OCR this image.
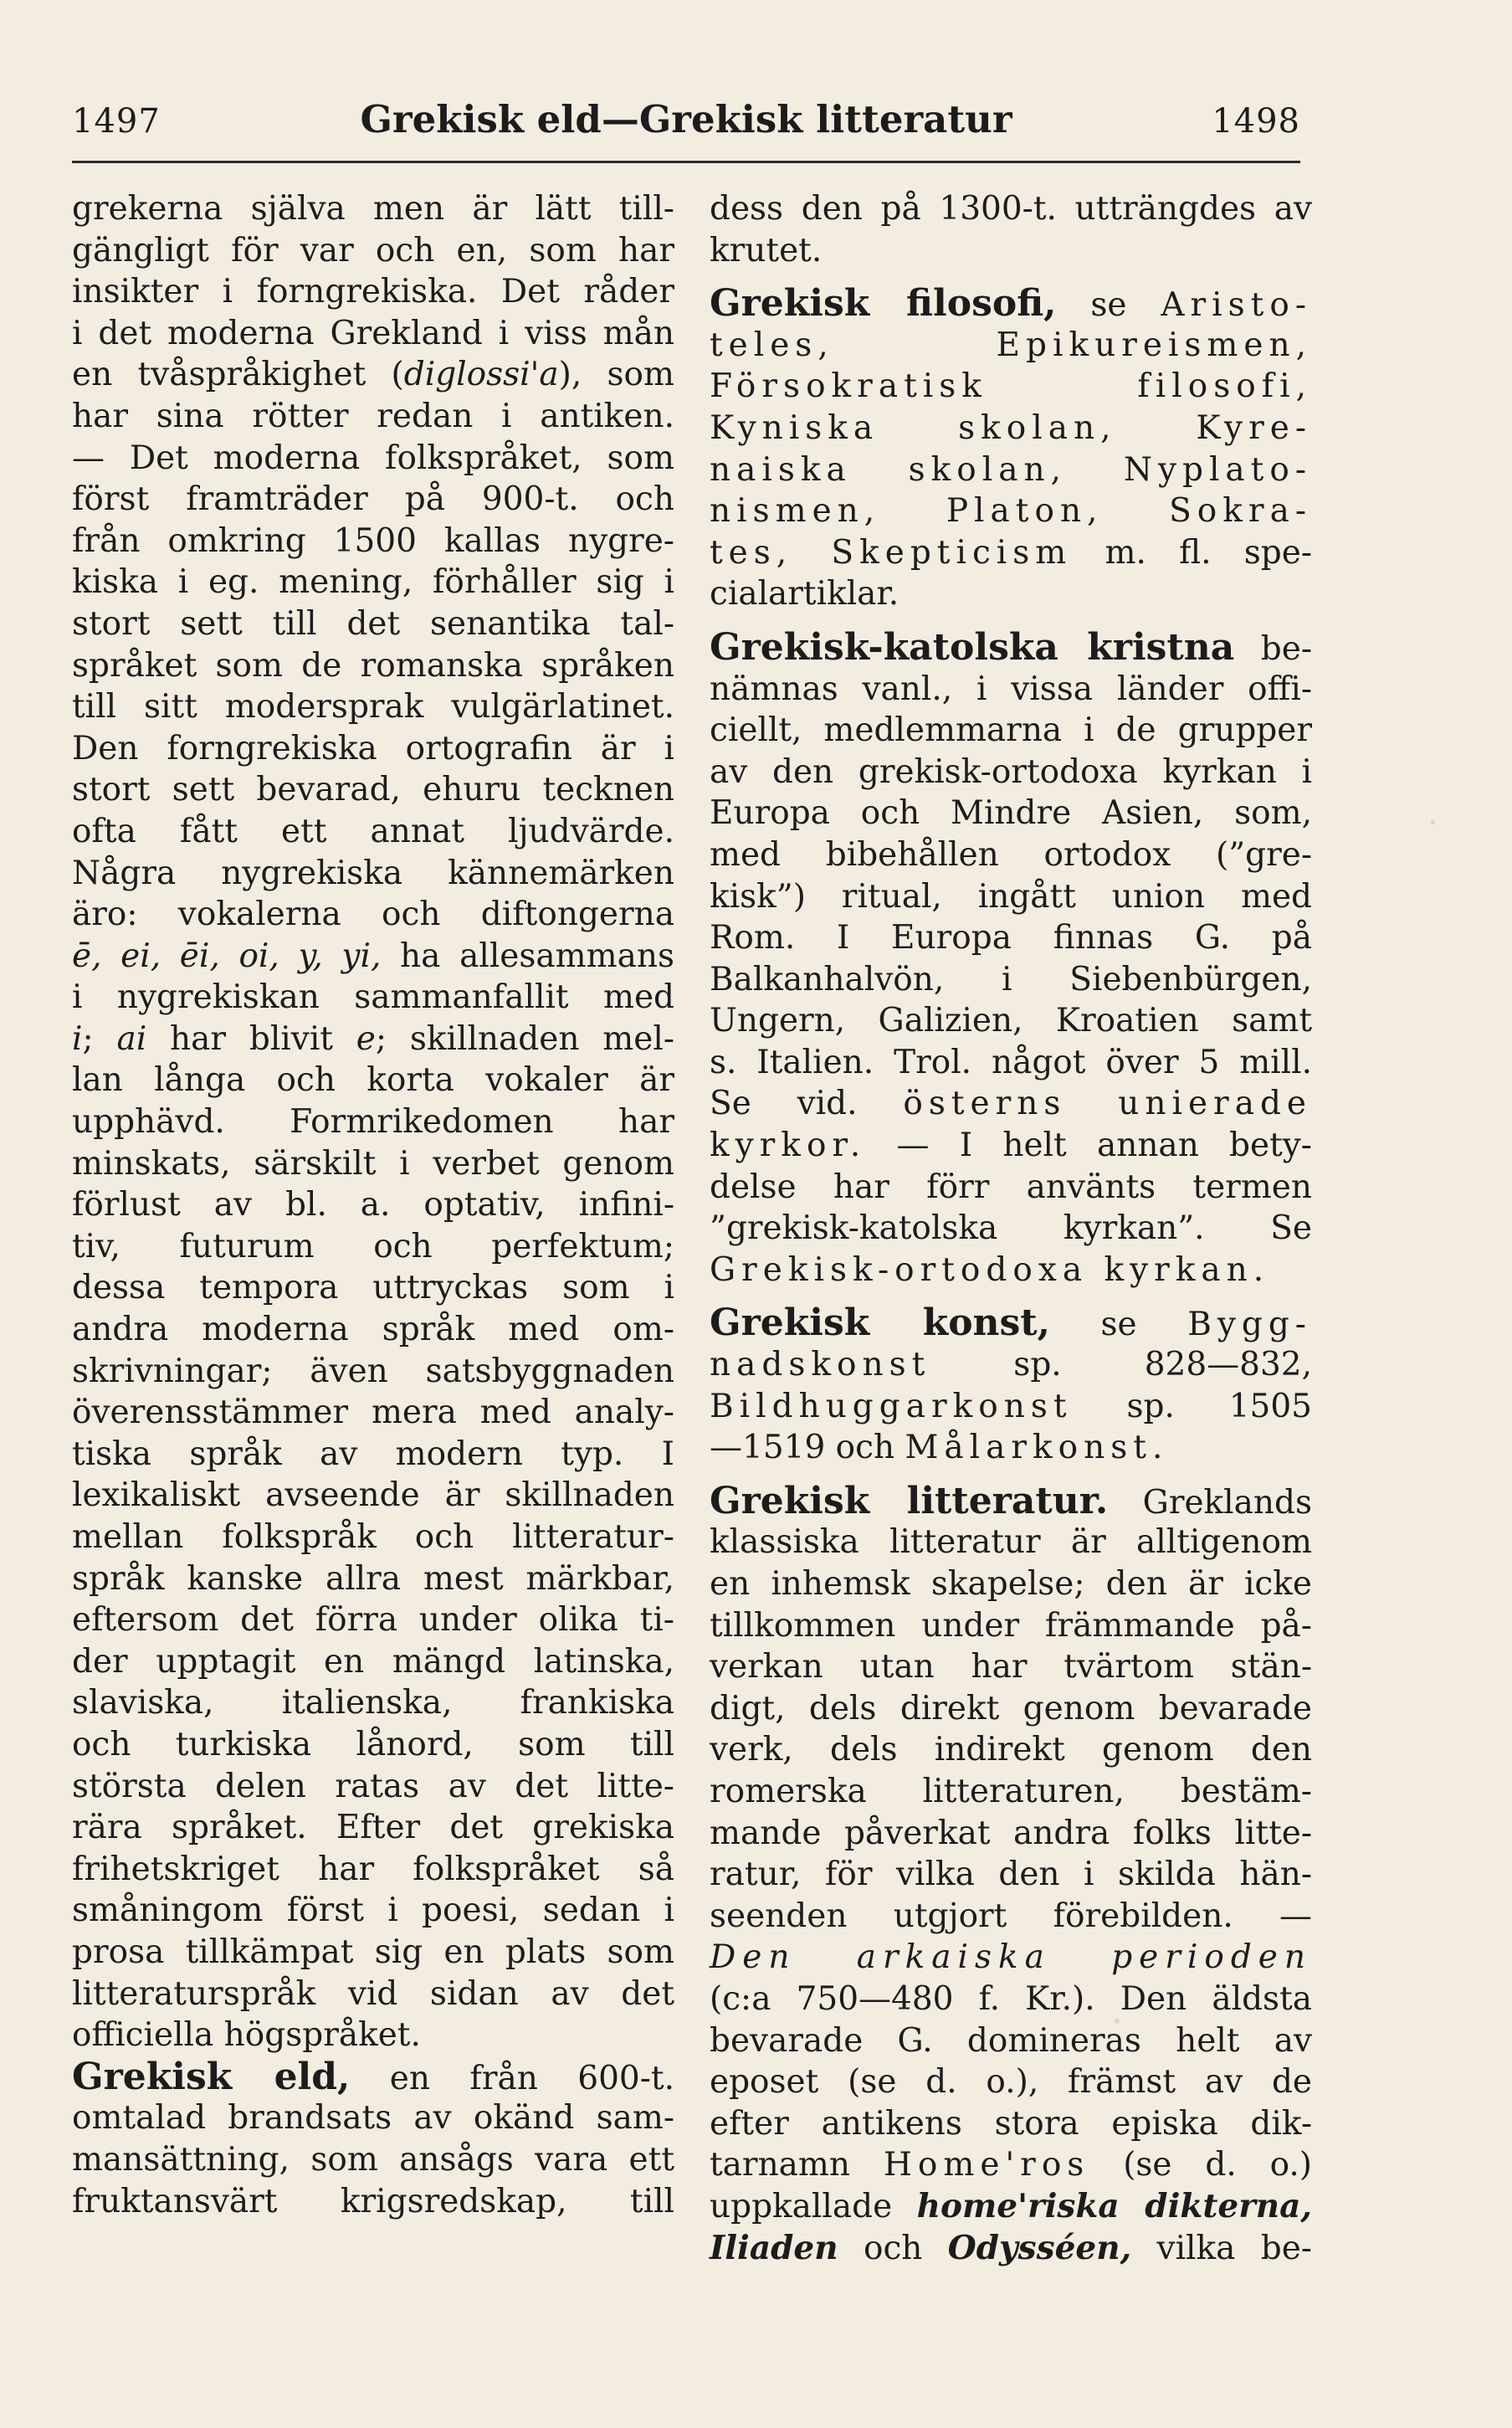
1497	Grekisk eld—Grekisk litteratur	1498
grekerna själva men är lätt till-
gängligt för var och en, som har
insikter i forngrekiska. Det råder
i det moderna Grekland i viss mån
en tvåspråkighet (diglossi'a), som
har sina rötter redan i antiken.
— Det moderna folkspråket, som
först framträder på 900-t. och
från omkring 1500 kallas nygre-
kiska i eg. mening, förhåller sig i
stort sett till det senantika tal-
språket som de romanska språken
till sitt modersprak vulgärlatinet.
Den forngrekiska ortografin är i
stort sett bevarad, ehuru tecknen
ofta fått ett annat ljudvärde.
Några nygrekiska kännemärken
äro: vokalerna och diftongerna
ē, ei, ēi, oi, y, yi, ha allesammans
i nygrekiskan sammanfallit med
i; ai har blivit e; skillnaden mel-
lan långa och korta vokaler är
upphävd. Formrikedomen har
minskats, särskilt i verbet genom
förlust av bl. a. optativ, infini-
tiv, futurum och perfektum;
dessa tempora uttryckas som i
andra moderna språk med om-
skrivningar; även satsbyggnaden
överensstämmer mera med analy-
tiska språk av modern typ. I
lexikaliskt avseende är skillnaden
mellan folkspråk och litteratur-
språk kanske allra mest märkbar,
eftersom det förra under olika ti-
der upptagit en mängd latinska,
slaviska, italienska, frankiska
och turkiska lånord, som till
största delen ratas av det litte-
rära språket. Efter det grekiska
frihetskriget har folkspråket så
småningom först i poesi, sedan i
prosa tillkämpat sig en plats som
litteraturspråk vid sidan av det
officiella högspråket.
Grekisk eld, en från 600-t.
omtalad brandsats av okänd sam-
mansättning, som ansågs vara ett
fruktansvärt krigsredskap, till
dess den på 1300-t. utträngdes av
krutet.
Grekisk filosofi, se Aristo-
teles, Epikureismen,
Försokratisk filosofi,
Kyniska skolan, Kyre-
naiska skolan, Nyplato-
nismen, Platon, Sokra-
tes, Skepticism m. fl. spe-
cialartiklar.
Grekisk-katolska kristna be-
nämnas vanl., i vissa länder offi-
ciellt, medlemmarna i de grupper
av den grekisk-ortodoxa kyrkan i
Europa och Mindre Asien, som,
med bibehållen ortodox (”gre-
kisk”) ritual, ingått union med
Rom. I Europa finnas G. på
Balkanhalvön, i Siebenbürgen,
Ungern, Galizien, Kroatien samt
s. Italien. Trol. något över 5 mill.
Se vid. österns unierade
kyrkor. — I helt annan bety-
delse har förr använts termen
”grekisk-katolska kyrkan”. Se
Grekisk-ortodoxa kyrkan.
Grekisk konst, se Bygg-
nadskonst sp. 828—832,
Bildhuggarkonst sp. 1505
—1519 och Målarkonst.
Grekisk litteratur. Greklands
klassiska litteratur är alltigenom
en inhemsk skapelse; den är icke
tillkommen under främmande på-
verkan utan har tvärtom stän-
digt, dels direkt genom bevarade
verk, dels indirekt genom den
romerska litteraturen, bestäm-
mande påverkat andra folks litte-
ratur, för vilka den i skilda hän-
seenden utgjort förebilden. —
Den arkaiska perioden
(c:a 750—480 f. Kr.). Den äldsta
bevarade G. domineras helt av
eposet (se d. o.), främst av de
efter antikens stora episka dik-
tarnamn Home'ros (se d. o.)
uppkallade home'riska dikterna,
Iliaden och Odysséen, vilka be-
